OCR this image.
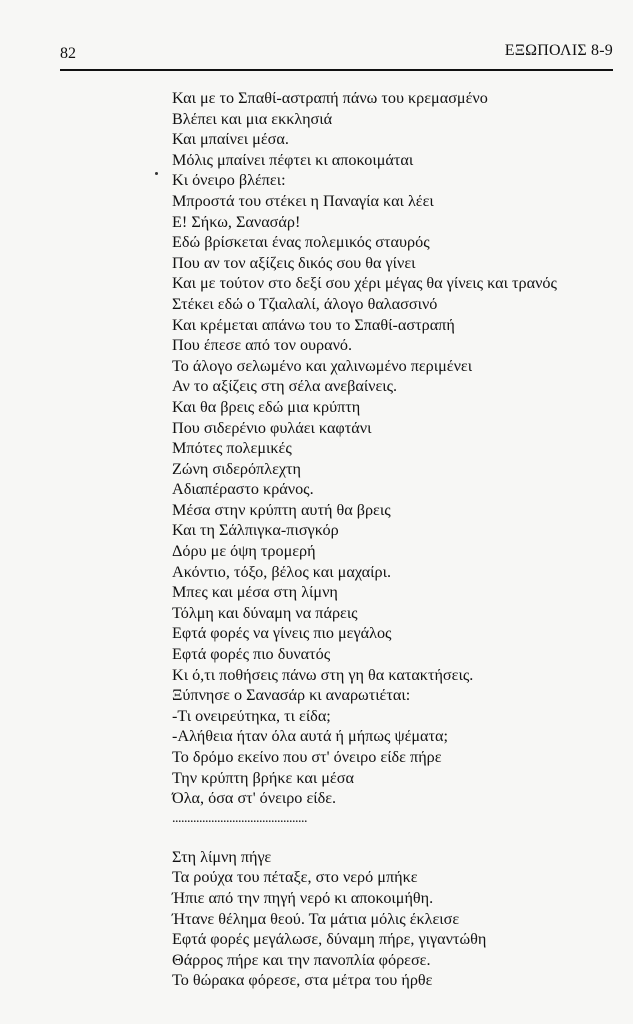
82	ΕΞΩΠΟΛΙΣ 8-9
Και με το Σπαθί-αστραπή πάνω του κρεμασμένο
Βλέπει και μια εκκλησιά
Και μπαίνει μέσα.
Μόλις μπαίνει πέφτει κι αποκοιμάται
Κι όνειρο βλέπει:
Μπροστά του στέκει η Παναγία και λέει
Ε! Σήκω, Σανασάρ!
Εδώ βρίσκεται ένας πολεμικός σταυρός
Που αν τον αξίζεις δικός σου θα γίνει
Και με τούτον στο δεξί σου χέρι μέγας θα γίνεις και τρανός
Στέκει εδώ ο Τζιαλαλί, άλογο θαλασσινό
Και κρέμεται απάνω του το Σπαθί-αστραπή
Που έπεσε από τον ουρανό.
Το άλογο σελωμένο και χαλινωμένο περιμένει
Αν το αξίζεις στη σέλα ανεβαίνεις.
Και θα βρεις εδώ μια κρύπτη
Που σιδερένιο φυλάει καφτάνι
Μπότες πολεμικές
Ζώνη σιδερόπλεχτη
Αδιαπέραστο κράνος.
Μέσα στην κρύπτη αυτή θα βρεις
Και τη Σάλπιγκα-πισγκόρ
Δόρυ με όψη τρομερή
Ακόντιο, τόξο, βέλος και μαχαίρι.
Μπες και μέσα στη λίμνη
Τόλμη και δύναμη να πάρεις
Εφτά φορές να γίνεις πιο μεγάλος
Εφτά φορές πιο δυνατός
Κι ό,τι ποθήσεις πάνω στη γη θα κατακτήσεις.
Ξύπνησε ο Σανασάρ κι αναρωτιέται:
-Τι ονειρεύτηκα, τι είδα;
-Αλήθεια ήταν όλα αυτά ή μήπως ψέματα;
Το δρόμο εκείνο που στ' όνειρο είδε πήρε
Την κρύπτη βρήκε και μέσα
Όλα, όσα στ' όνειρο είδε.
.............................................
Στη λίμνη πήγε
Τα ρούχα του πέταξε, στο νερό μπήκε
Ήπιε από την πηγή νερό κι αποκοιμήθη.
Ήτανε θέλημα θεού. Τα μάτια μόλις έκλεισε
Εφτά φορές μεγάλωσε, δύναμη πήρε, γιγαντώθη
Θάρρος πήρε και την πανοπλία φόρεσε.
Το θώρακα φόρεσε, στα μέτρα του ήρθε
